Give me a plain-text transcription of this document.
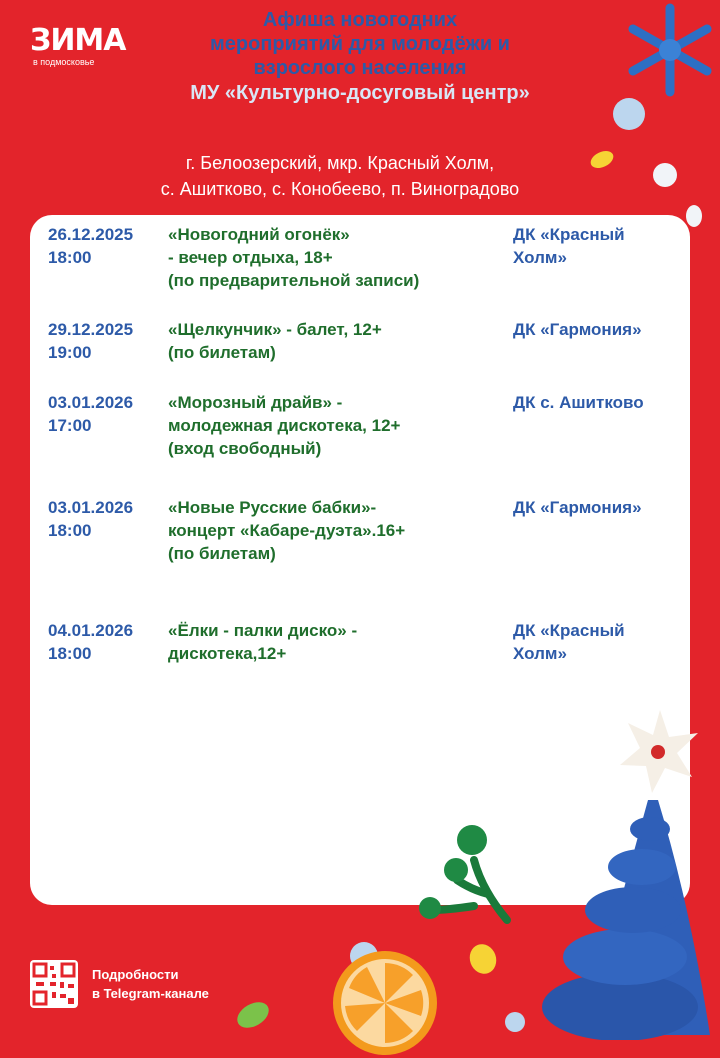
ЗИМА
в подмосковье
Афиша новогодних
мероприятий для молодёжи и
взрослого населения
МУ «Культурно-досуговый центр»
г. Белоозерский, мкр. Красный Холм,
с. Ашитково, с. Конобеево, п. Виноградово
26.12.2025
18:00
«Новогодний огонёк»
- вечер отдыха, 18+
(по предварительной записи)
ДК «Красный
Холм»
29.12.2025
19:00
«Щелкунчик» - балет, 12+
(по билетам)
ДК «Гармония»
03.01.2026
17:00
«Морозный драйв» -
молодежная дискотека, 12+
(вход свободный)
ДК с. Ашитково
03.01.2026
18:00
«Новые Русские бабки»-
концерт «Кабаре-дуэта».16+
(по билетам)
ДК «Гармония»
04.01.2026
18:00
«Ёлки - палки диско» -
дискотека,12+
ДК «Красный
Холм»
Подробности
в Telegram-канале
